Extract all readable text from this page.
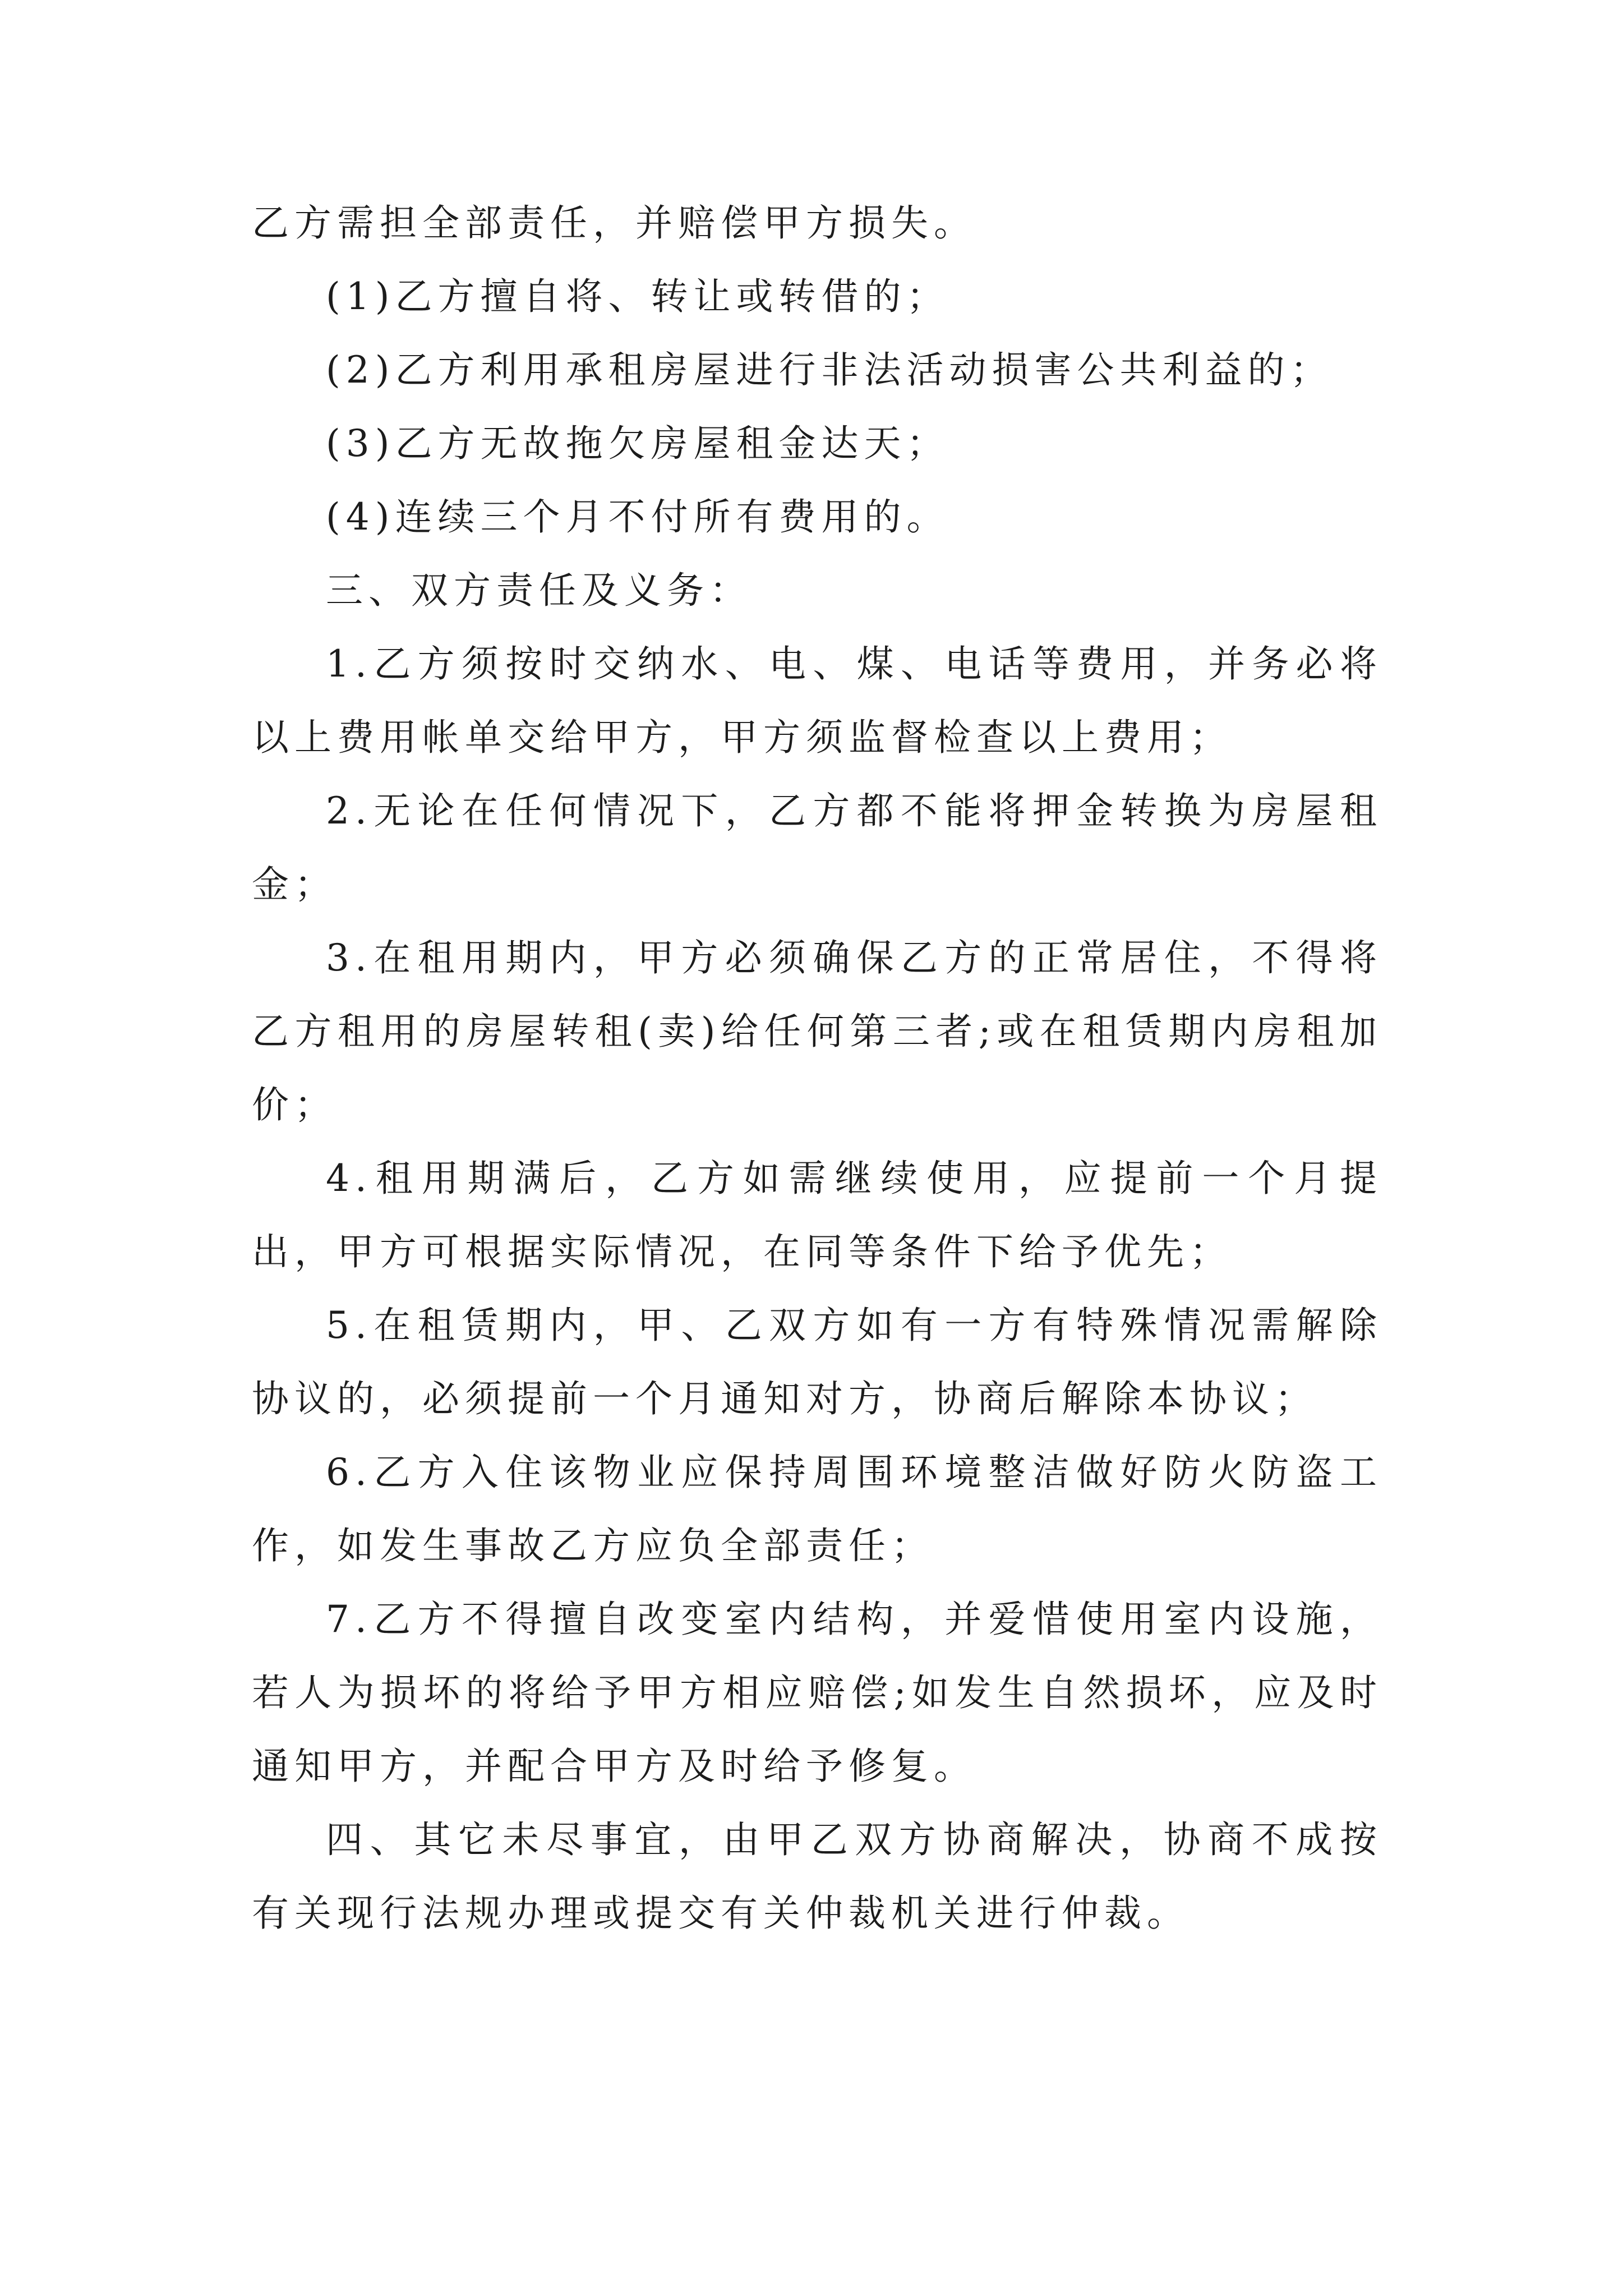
乙方需担全部责任，并赔偿甲方损失。

(1)乙方擅自将、转让或转借的；

(2)乙方利用承租房屋进行非法活动损害公共利益的；

(3)乙方无故拖欠房屋租金达天；

(4)连续三个月不付所有费用的。

三、双方责任及义务：

1.乙方须按时交纳水、电、煤、电话等费用，并务必将以上费用帐单交给甲方，甲方须监督检查以上费用；

2.无论在任何情况下，乙方都不能将押金转换为房屋租金；

3.在租用期内，甲方必须确保乙方的正常居住，不得将乙方租用的房屋转租(卖)给任何第三者;或在租赁期内房租加价；

4.租用期满后，乙方如需继续使用，应提前一个月提出，甲方可根据实际情况，在同等条件下给予优先；

5.在租赁期内，甲、乙双方如有一方有特殊情况需解除协议的，必须提前一个月通知对方，协商后解除本协议；

6.乙方入住该物业应保持周围环境整洁做好防火防盗工作，如发生事故乙方应负全部责任；

7.乙方不得擅自改变室内结构，并爱惜使用室内设施，若人为损坏的将给予甲方相应赔偿;如发生自然损坏，应及时通知甲方，并配合甲方及时给予修复。

四、其它未尽事宜，由甲乙双方协商解决，协商不成按有关现行法规办理或提交有关仲裁机关进行仲裁。
